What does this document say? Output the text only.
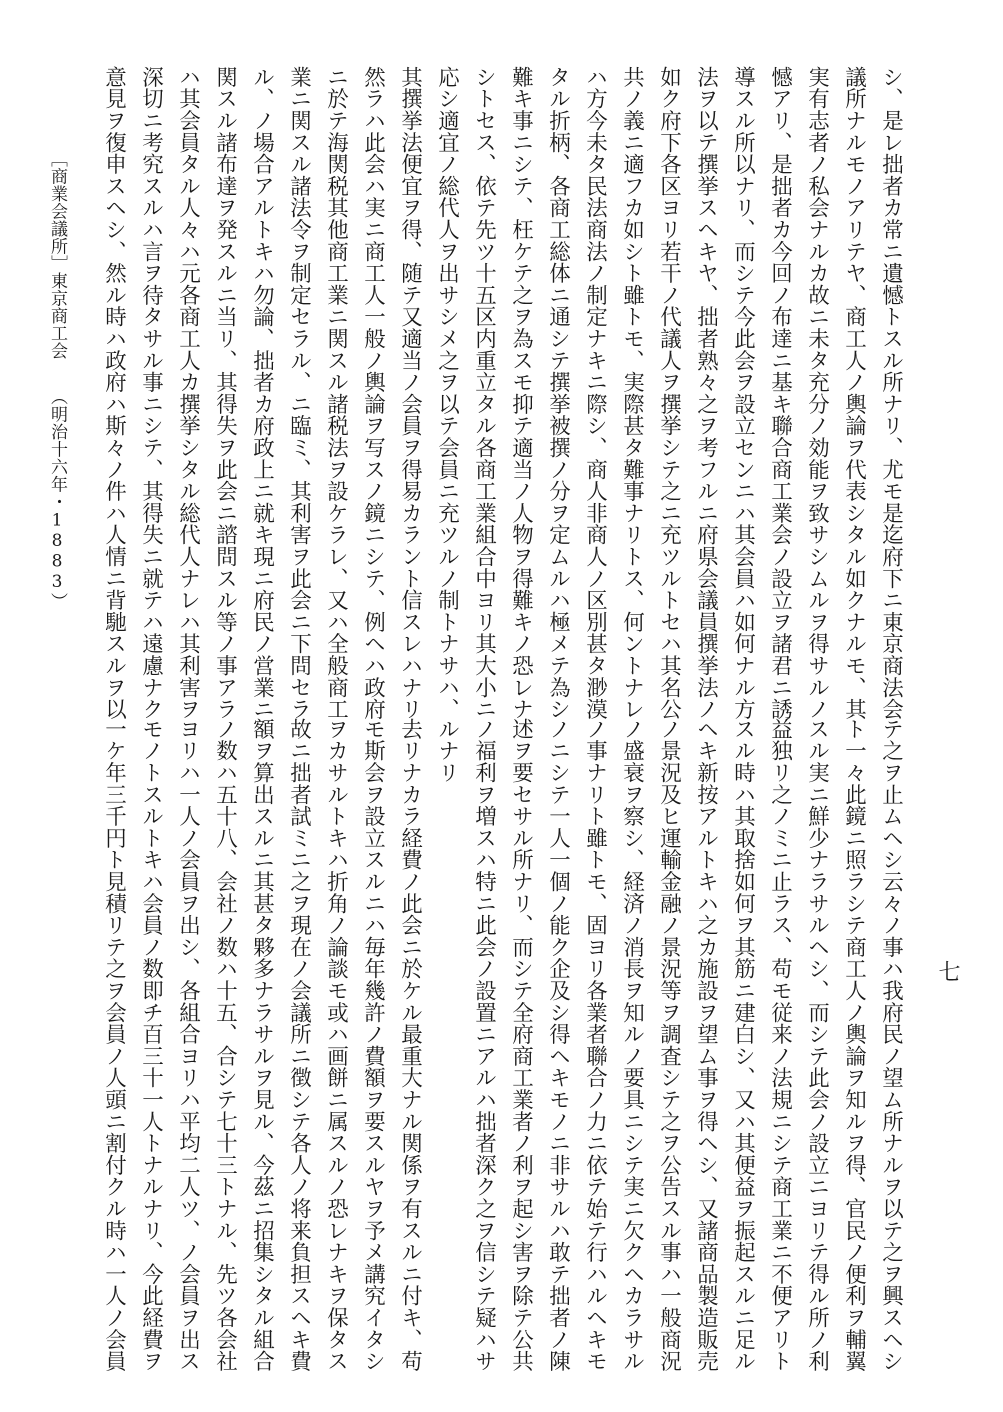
シ、是レ拙者カ常ニ遺憾トスル所ナリ、尤モ是迄府下ニ東京商法会
議所ナルモノアリテヤ、商工人ノ輿論ヲ代表シタル如クナルモ、其
実有志者ノ私会ナルカ故ニ未タ充分ノ効能ヲ致サシムルヲ得サルノ
憾アリ、是拙者カ今回ノ布達ニ基キ聯合商工業会ノ設立ヲ諸君ニ誘
導スル所以ナリ、而シテ今此会ヲ設立センニハ其会員ハ如何ナル方
法ヲ以テ撰挙スヘキヤ、拙者熟々之ヲ考フルニ府県会議員撰挙法ノ
如ク府下各区ヨリ若干ノ代議人ヲ撰挙シテ之ニ充ツルトセハ其名公
共ノ義ニ適フカ如シト雖トモ、実際甚タ難事ナリトス、何ントナレ
ハ方今未タ民法商法ノ制定ナキニ際シ、商人非商人ノ区別甚タ渺漠
タル折柄、各商工総体ニ通シテ撰挙被撰ノ分ヲ定ムルハ極メテ為シ
難キ事ニシテ、枉ケテ之ヲ為スモ抑テ適当ノ人物ヲ得難キノ恐レナ
シトセス、依テ先ツ十五区内重立タル各商工業組合中ヨリ其大小ニ
応シ適宜ノ総代人ヲ出サシメ之ヲ以テ会員ニ充ツルノ制トナサハ、
其撰挙法便宜ヲ得、随テ又適当ノ会員ヲ得易カラント信スレハナリ
然ラハ此会ハ実ニ商工人一般ノ輿論ヲ写スノ鏡ニシテ、例ヘハ政府
ニ於テ海関税其他商工業ニ関スル諸税法ヲ設ケラレ、又ハ全般商工
業ニ関スル諸法令ヲ制定セラル、ニ臨ミ、其利害ヲ此会ニ下問セラ
ル、ノ場合アルトキハ勿論、拙者カ府政上ニ就キ現ニ府民ノ営業ニ
関スル諸布達ヲ発スルニ当リ、其得失ヲ此会ニ諮問スル等ノ事アラ
ハ其会員タル人々ハ元各商工人カ撰挙シタル総代人ナレハ其利害ヲ
深切ニ考究スルハ言ヲ待タサル事ニシテ、其得失ニ就テハ遠慮ナク
意見ヲ復申スヘシ、然ル時ハ政府ハ斯々ノ件ハ人情ニ背馳スルヲ以
テ之ヲ止ムヘシ云々ノ事ハ我府民ノ望ム所ナルヲ以テ之ヲ興スヘシ
ト一々此鏡ニ照ラシテ商工人ノ輿論ヲ知ルヲ得、官民ノ便利ヲ輔翼
スル実ニ鮮少ナラサルヘシ、而シテ此会ノ設立ニヨリテ得ル所ノ利
益独リ之ノミニ止ラス、苟モ従来ノ法規ニシテ商工業ニ不便アリト
スル時ハ其取捨如何ヲ其筋ニ建白シ、又ハ其便益ヲ振起スルニ足ル
ヘキ新按アルトキハ之カ施設ヲ望ム事ヲ得ヘシ、又諸商品製造販売
ノ景況及ヒ運輸金融ノ景況等ヲ調査シテ之ヲ公告スル事ハ一般商況
ノ盛衰ヲ察シ、経済ノ消長ヲ知ルノ要具ニシテ実ニ欠クヘカラサル
ノ事ナリト雖トモ、固ヨリ各業者聯合ノ力ニ依テ始テ行ハルヘキモ
ノニシテ一人一個ノ能ク企及シ得ヘキモノニ非サルハ敢テ拙者ノ陳
述ヲ要セサル所ナリ、而シテ全府商工業者ノ利ヲ起シ害ヲ除テ公共
ノ福利ヲ増スハ特ニ此会ノ設置ニアルハ拙者深ク之ヲ信シテ疑ハサ
ルナリ
去リナカラ経費ノ此会ニ於ケル最重大ナル関係ヲ有スルニ付キ、苟
モ斯会ヲ設立スルニハ毎年幾許ノ費額ヲ要スルヤヲ予メ講究イタシ
ヲカサルトキハ折角ノ論談モ或ハ画餅ニ属スルノ恐レナキヲ保タス
故ニ拙者試ミニ之ヲ現在ノ会議所ニ徴シテ各人ノ将来負担スヘキ費
額ヲ算出スルニ其甚タ夥多ナラサルヲ見ル、今茲ニ招集シタル組合
ノ数ハ五十八、会社ノ数ハ十五、合シテ七十三トナル、先ツ各会社
ヨリハ一人ノ会員ヲ出シ、各組合ヨリハ平均二人ツ、ノ会員ヲ出ス
モノトスルトキハ会員ノ数即チ百三十一人トナルナリ、今此経費ヲ
一ケ年三千円ト見積リテ之ヲ会員ノ人頭ニ割付クル時ハ一人ノ会員
［商業会議所］
東京商工会
（明治十六年・1883）
七
